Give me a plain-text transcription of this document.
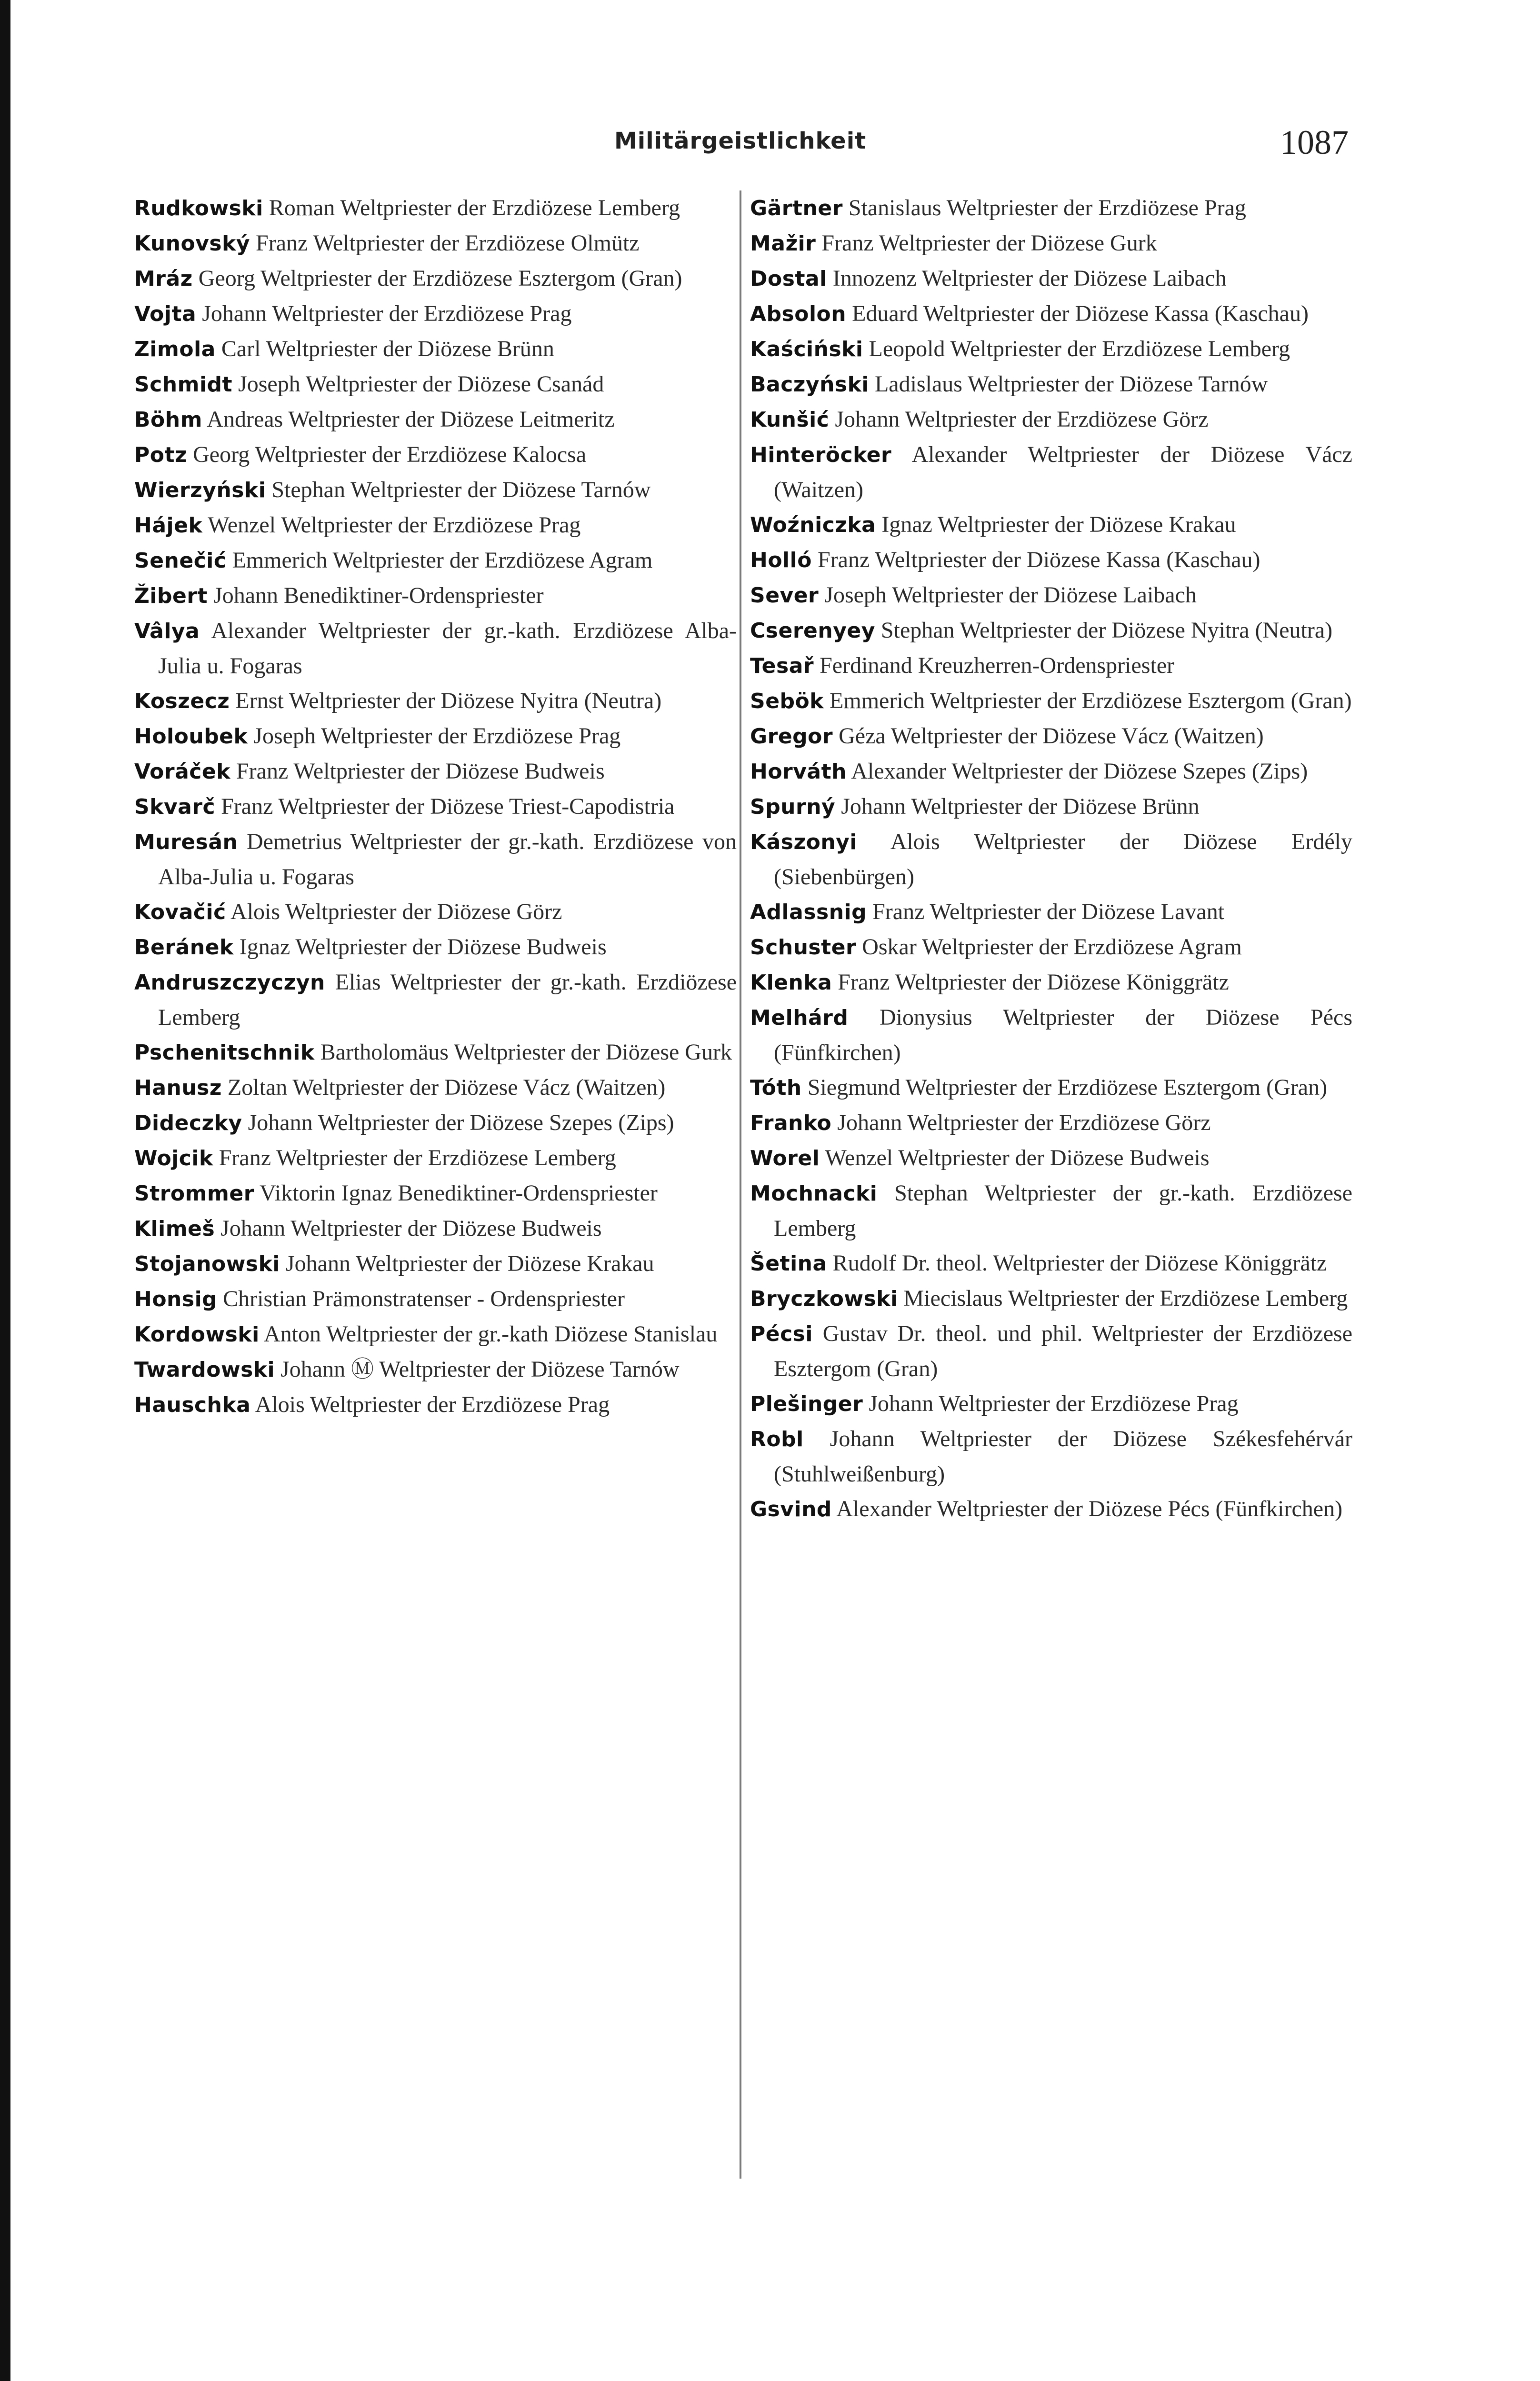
Militärgeistlichkeit	1087

Rudkowski Roman Weltpriester der Erzdiözese Lemberg

Kunovský Franz Weltpriester der Erzdiözese Olmütz

Mráz Georg Weltpriester der Erzdiözese Esztergom (Gran)

Vojta Johann Weltpriester der Erzdiözese Prag

Zimola Carl Weltpriester der Diözese Brünn

Schmidt Joseph Weltpriester der Diözese Csanád

Böhm Andreas Weltpriester der Diözese Leitmeritz

Potz Georg Weltpriester der Erzdiözese Kalocsa

Wierzyński Stephan Weltpriester der Diözese Tarnów

Hájek Wenzel Weltpriester der Erzdiözese Prag

Senečić Emmerich Weltpriester der Erzdiözese Agram

Žibert Johann Benediktiner-Ordenspriester

Vâlya Alexander Weltpriester der gr.-kath. Erzdiözese Alba-Julia u. Fogaras

Koszecz Ernst Weltpriester der Diözese Nyitra (Neutra)

Holoubek Joseph Weltpriester der Erzdiözese Prag

Voráček Franz Weltpriester der Diözese Budweis

Skvarč Franz Weltpriester der Diözese Triest-Capodistria

Muresán Demetrius Weltpriester der gr.-kath. Erzdiözese von Alba-Julia u. Fogaras

Kovačić Alois Weltpriester der Diözese Görz

Beránek Ignaz Weltpriester der Diözese Budweis

Andruszczyczyn Elias Weltpriester der gr.-kath. Erzdiözese Lemberg

Pschenitschnik Bartholomäus Weltpriester der Diözese Gurk

Hanusz Zoltan Weltpriester der Diözese Vácz (Waitzen)

Dideczky Johann Weltpriester der Diözese Szepes (Zips)

Wojcik Franz Weltpriester der Erzdiözese Lemberg

Strommer Viktorin Ignaz Benediktiner-Ordenspriester

Klimeš Johann Weltpriester der Diözese Budweis

Stojanowski Johann Weltpriester der Diözese Krakau

Honsig Christian Prämonstratenser - Ordenspriester

Kordowski Anton Weltpriester der gr.-kath Diözese Stanislau

Twardowski Johann Ⓜ Weltpriester der Diözese Tarnów

Hauschka Alois Weltpriester der Erzdiözese Prag

Gärtner Stanislaus Weltpriester der Erzdiözese Prag

Mažir Franz Weltpriester der Diözese Gurk

Dostal Innozenz Weltpriester der Diözese Laibach

Absolon Eduard Weltpriester der Diözese Kassa (Kaschau)

Kaściński Leopold Weltpriester der Erzdiözese Lemberg

Baczyński Ladislaus Weltpriester der Diözese Tarnów

Kunšić Johann Weltpriester der Erzdiözese Görz

Hinteröcker Alexander Weltpriester der Diözese Vácz (Waitzen)

Woźniczka Ignaz Weltpriester der Diözese Krakau

Holló Franz Weltpriester der Diözese Kassa (Kaschau)

Sever Joseph Weltpriester der Diözese Laibach

Cserenyey Stephan Weltpriester der Diözese Nyitra (Neutra)

Tesař Ferdinand Kreuzherren-Ordenspriester

Sebök Emmerich Weltpriester der Erzdiözese Esztergom (Gran)

Gregor Géza Weltpriester der Diözese Vácz (Waitzen)

Horváth Alexander Weltpriester der Diözese Szepes (Zips)

Spurný Johann Weltpriester der Diözese Brünn

Kászonyi Alois Weltpriester der Diözese Erdély (Siebenbürgen)

Adlassnig Franz Weltpriester der Diözese Lavant

Schuster Oskar Weltpriester der Erzdiözese Agram

Klenka Franz Weltpriester der Diözese Königgrätz

Melhárd Dionysius Weltpriester der Diözese Pécs (Fünfkirchen)

Tóth Siegmund Weltpriester der Erzdiözese Esztergom (Gran)

Franko Johann Weltpriester der Erzdiözese Görz

Worel Wenzel Weltpriester der Diözese Budweis

Mochnacki Stephan Weltpriester der gr.-kath. Erzdiözese Lemberg

Šetina Rudolf Dr. theol. Weltpriester der Diözese Königgrätz

Bryczkowski Miecislaus Weltpriester der Erzdiözese Lemberg

Pécsi Gustav Dr. theol. und phil. Weltpriester der Erzdiözese Esztergom (Gran)

Plešinger Johann Weltpriester der Erzdiözese Prag

Robl Johann Weltpriester der Diözese Székesfehérvár (Stuhlweißenburg)

Gsvind Alexander Weltpriester der Diözese Pécs (Fünfkirchen)
